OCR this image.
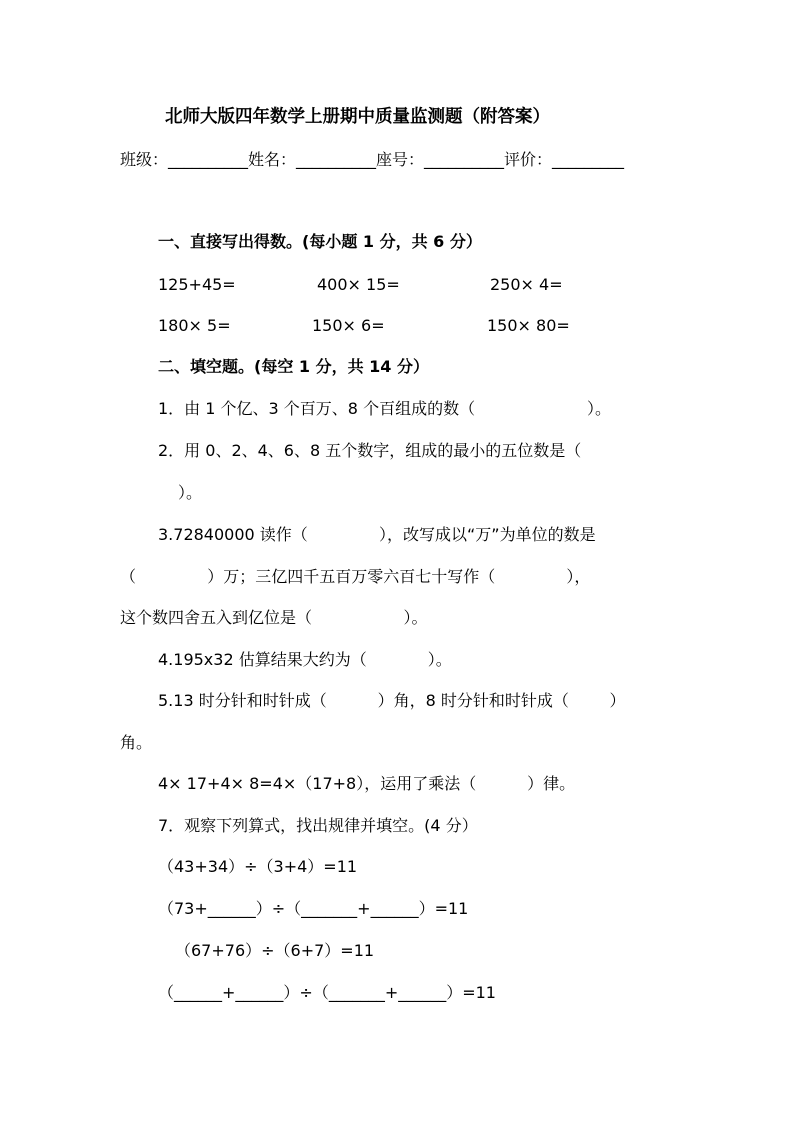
北师大版四年数学上册期中质量监测题（附答案）
班级：__________姓名：__________座号：__________评价：_________
一、直接写出得数。(每小题 1 分，共 6 分）
125+45=	400× 15=	250× 4=
180× 5=	150× 6=	150× 80=
二、填空题。(每空 1 分，共 14 分）
1．由 1 个亿、3 个百万、8 个百组成的数（                      ）。
2．用 0、2、4、6、8 五个数字，组成的最小的五位数是（
）。
3.72840000 读作（              ），改写成以“万”为单位的数是
（              ）万；三亿四千五百万零六百七十写作（              ），
这个数四舍五入到亿位是（                  ）。
4.195x32 估算结果大约为（            ）。
5.13 时分针和时针成（          ）角，8 时分针和时针成（        ）
角。
4× 17+4× 8=4×（17+8），运用了乘法（          ）律。
7．观察下列算式，找出规律并填空。(4 分）
（43+34）÷（3+4）=11
（73+______）÷（_______+______）=11
（67+76）÷（6+7）=11
（______+______）÷（_______+______）=11
